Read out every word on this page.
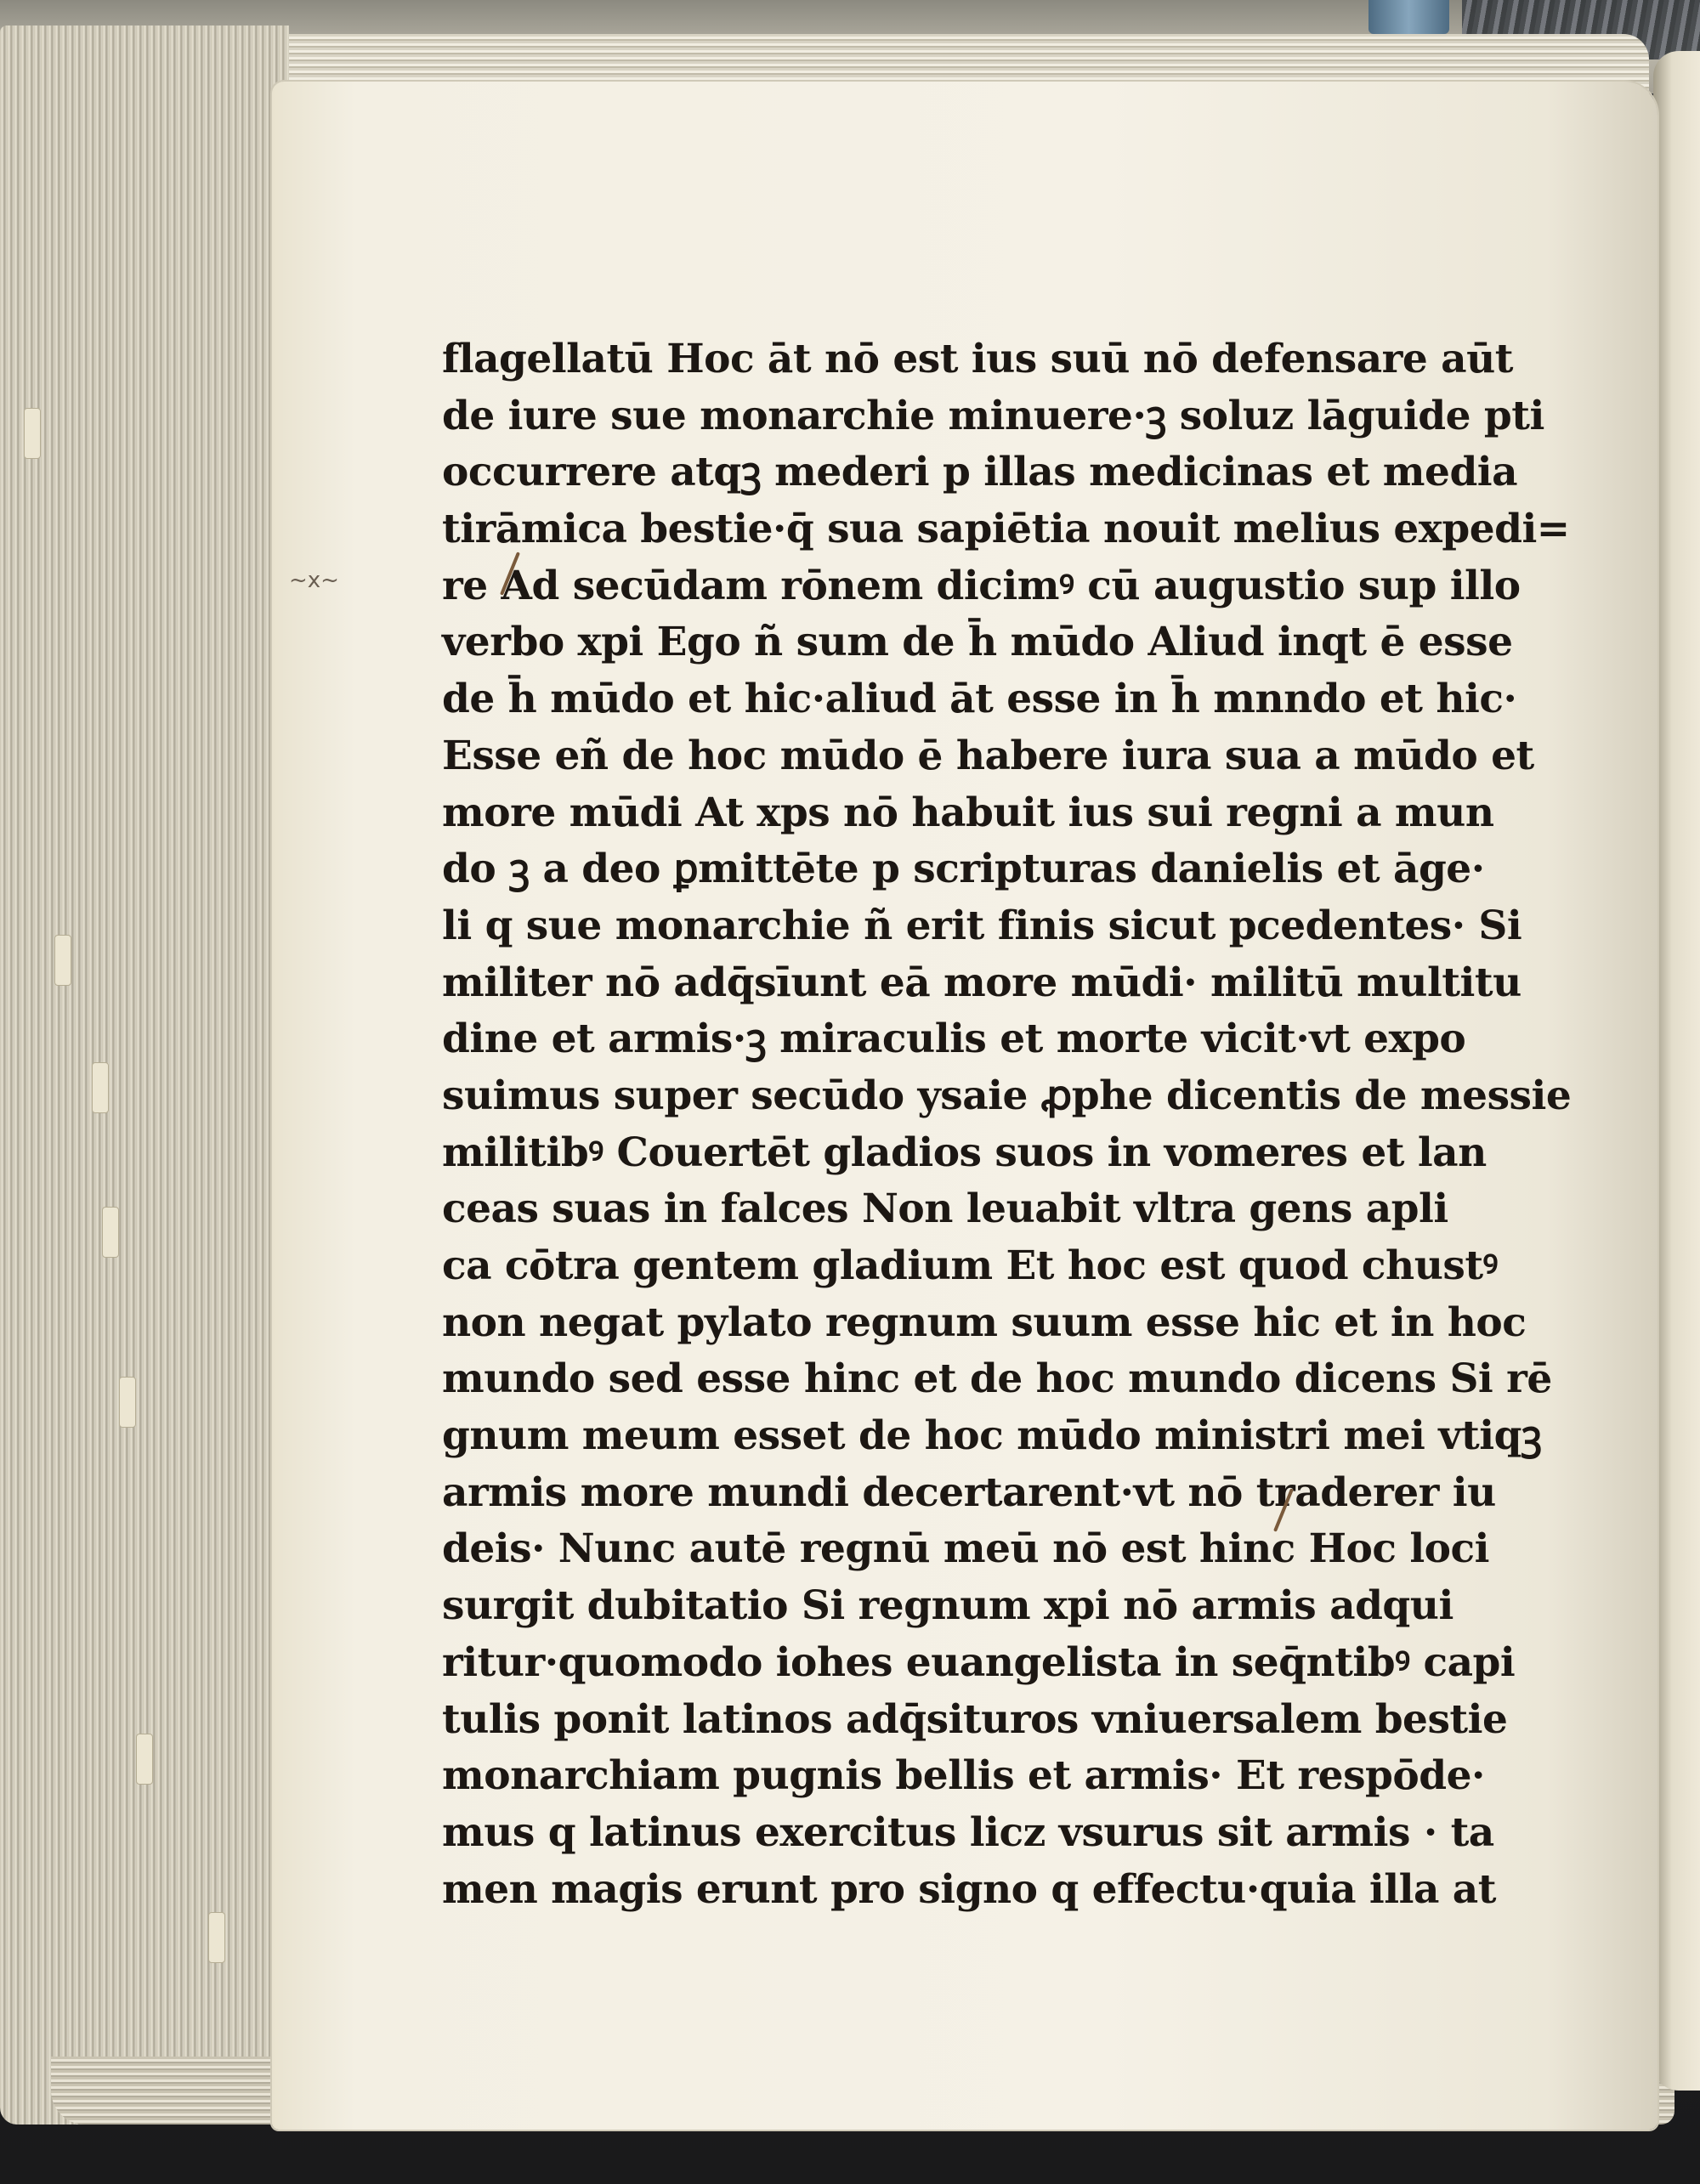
~x~
flagellatū Hoc āt nō est ius suū nō defensare aūt
de iure sue monarchie minuere·ꝫ soluz lāguide pti
occurrere atqꝫ mederi p illas medicinas et media
tirāmica bestie·q̄ sua sapiētia nouit melius expedi=
re Ad secūdam rōnem dicimꝰ cū augustio sup illo
verbo xpi Ego ñ sum de h̄ mūdo Aliud inqt ē esse
de h̄ mūdo et hic·aliud āt esse in h̄ mnndo et hic·
Esse eñ de hoc mūdo ē habere iura sua a mūdo et
more mūdi At xps nō habuit ius sui regni a mun
do ꝫ a deo ꝑmittēte p scripturas danielis et āge·
li q sue monarchie ñ erit finis sicut pcedentes· Si
militer nō adq̄sīunt eā more mūdi· militū multitu
dine et armis·ꝫ miraculis et morte vicit·vt expo
suimus super secūdo ysaie ꝓphe dicentis de messie
militibꝰ Couertēt gladios suos in vomeres et lan
ceas suas in falces Non leuabit vltra gens apli
ca cōtra gentem gladium Et hoc est quod chustꝰ
non negat pylato regnum suum esse hic et in hoc
mundo sed esse hinc et de hoc mundo dicens Si rē
gnum meum esset de hoc mūdo ministri mei vtiqꝫ
armis more mundi decertarent·vt nō traderer iu
deis· Nunc autē regnū meū nō est hinc Hoc loci
surgit dubitatio Si regnum xpi nō armis adqui
ritur·quomodo iohes euangelista in seq̄ntibꝰ capi
tulis ponit latinos adq̄situros vniuersalem bestie
monarchiam pugnis bellis et armis· Et respōde·
mus q latinus exercitus licz vsurus sit armis · ta
men magis erunt pro signo q effectu·quia illa at
